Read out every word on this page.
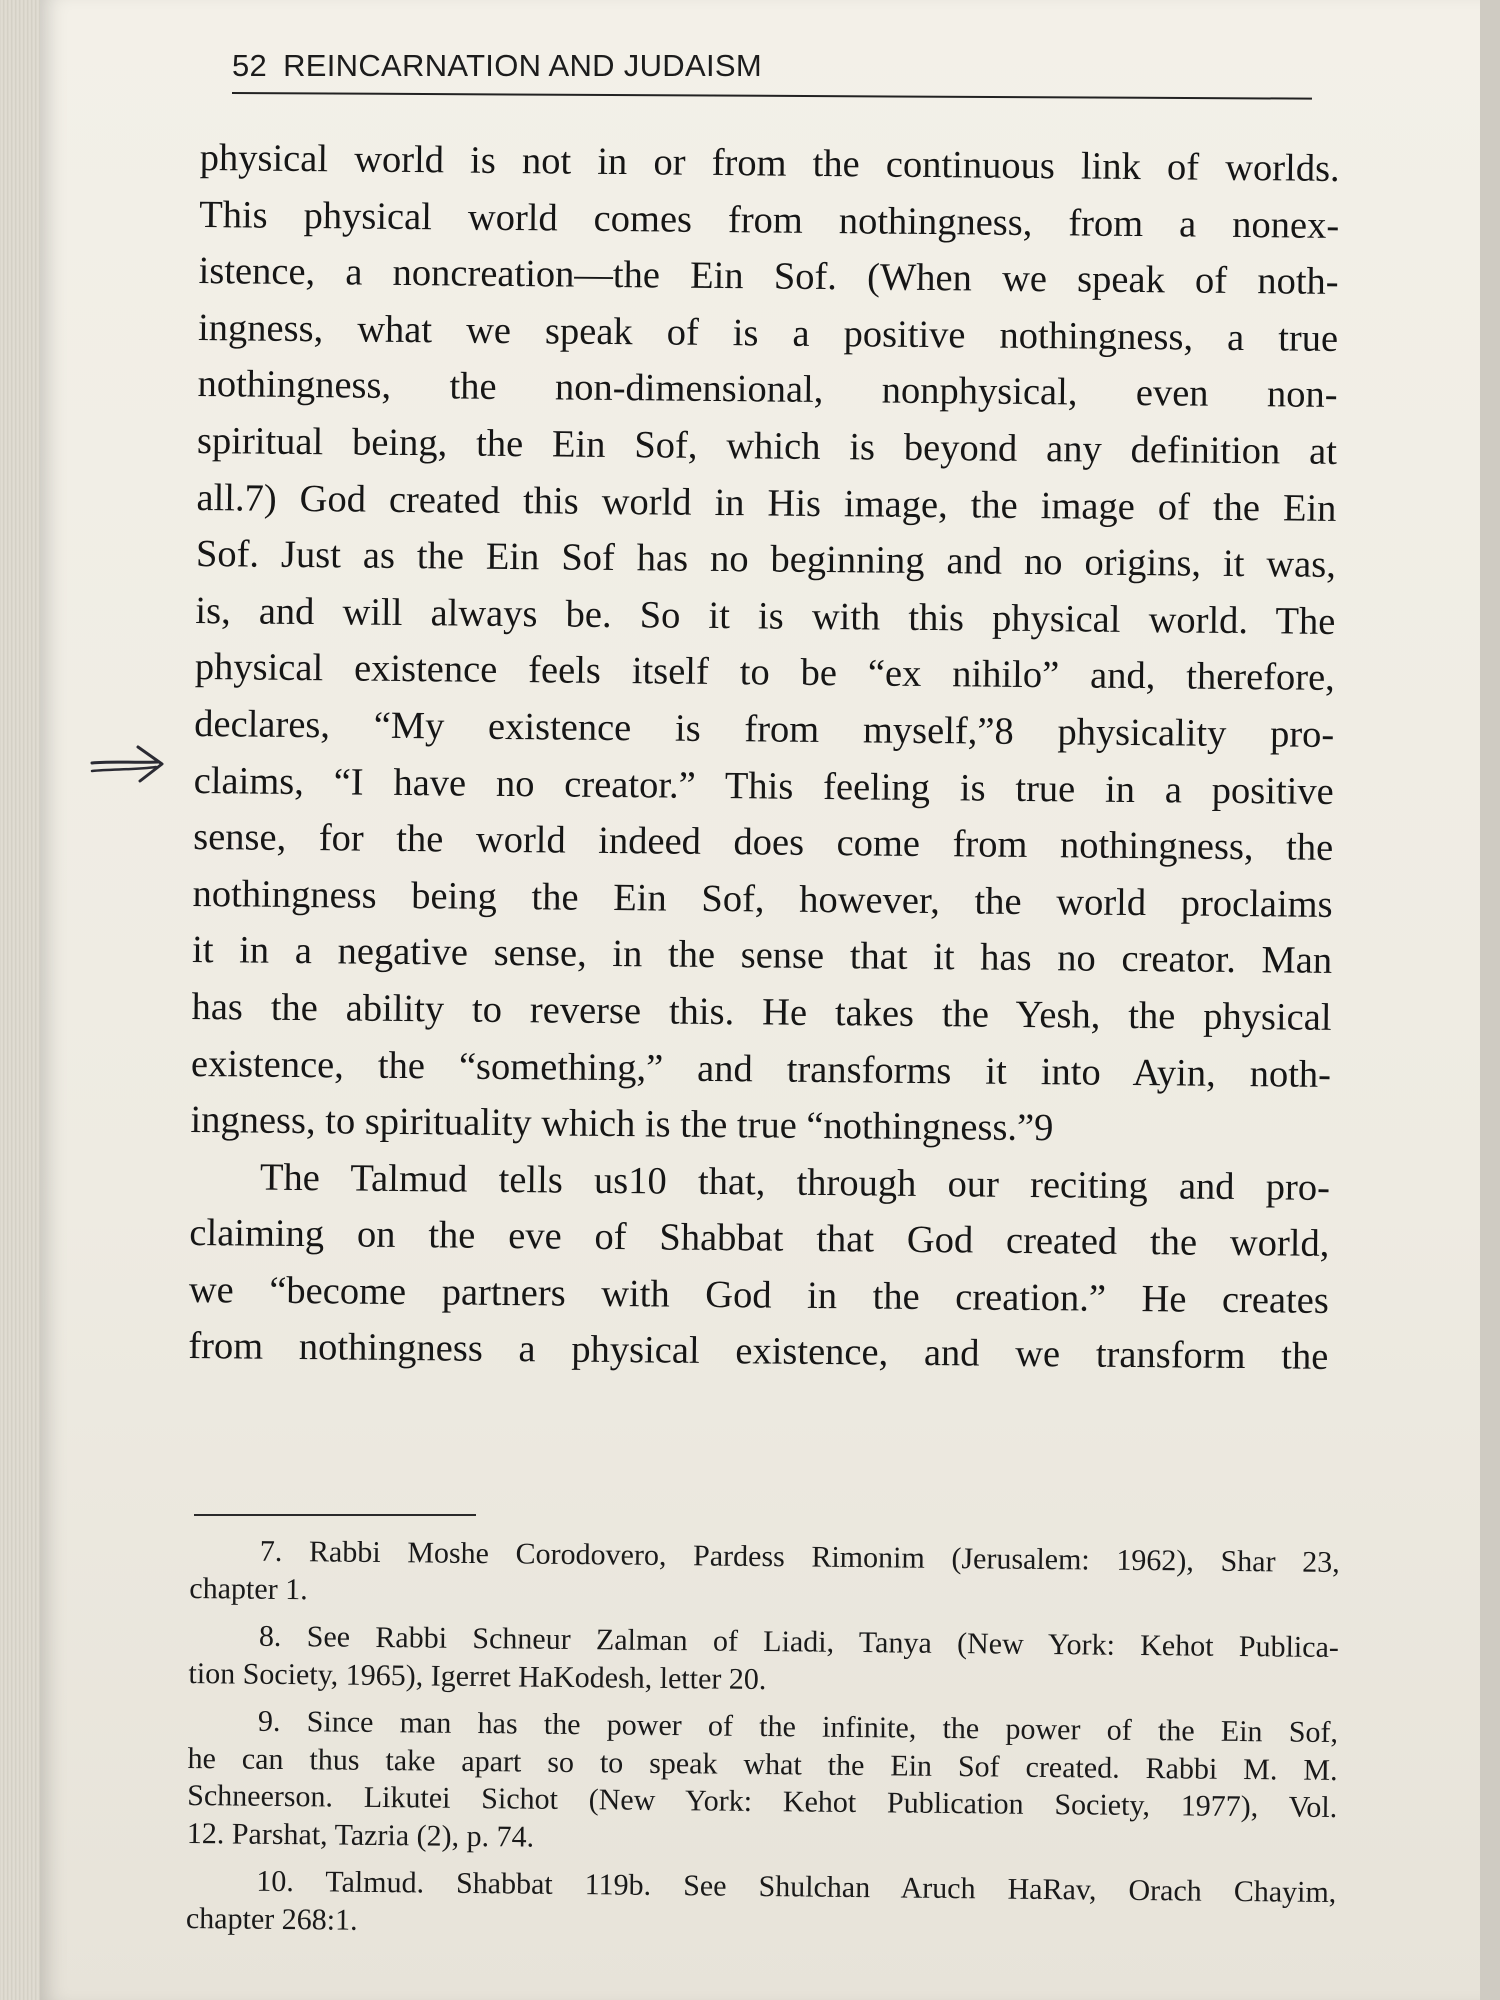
52 REINCARNATION AND JUDAISM
physical world is not in or from the continuous link of worlds.
This physical world comes from nothingness, from a nonex-
istence, a noncreation—the Ein Sof. (When we speak of noth-
ingness, what we speak of is a positive nothingness, a true
nothingness, the non-dimensional, nonphysical, even non-
spiritual being, the Ein Sof, which is beyond any definition at
all.7) God created this world in His image, the image of the Ein
Sof. Just as the Ein Sof has no beginning and no origins, it was,
is, and will always be. So it is with this physical world. The
physical existence feels itself to be “ex nihilo” and, therefore,
declares, “My existence is from myself,”8 physicality pro-
claims, “I have no creator.” This feeling is true in a positive
sense, for the world indeed does come from nothingness, the
nothingness being the Ein Sof, however, the world proclaims
it in a negative sense, in the sense that it has no creator. Man
has the ability to reverse this. He takes the Yesh, the physical
existence, the “something,” and transforms it into Ayin, noth-
ingness, to spirituality which is the true “nothingness.”9
The Talmud tells us10 that, through our reciting and pro-
claiming on the eve of Shabbat that God created the world,
we “become partners with God in the creation.” He creates
from nothingness a physical existence, and we transform the
7. Rabbi Moshe Corodovero, Pardess Rimonim (Jerusalem: 1962), Shar 23,
chapter 1.
8. See Rabbi Schneur Zalman of Liadi, Tanya (New York: Kehot Publica-
tion Society, 1965), Igerret HaKodesh, letter 20.
9. Since man has the power of the infinite, the power of the Ein Sof,
he can thus take apart so to speak what the Ein Sof created. Rabbi M. M.
Schneerson. Likutei Sichot (New York: Kehot Publication Society, 1977), Vol.
12. Parshat, Tazria (2), p. 74.
10. Talmud. Shabbat 119b. See Shulchan Aruch HaRav, Orach Chayim,
chapter 268:1.
